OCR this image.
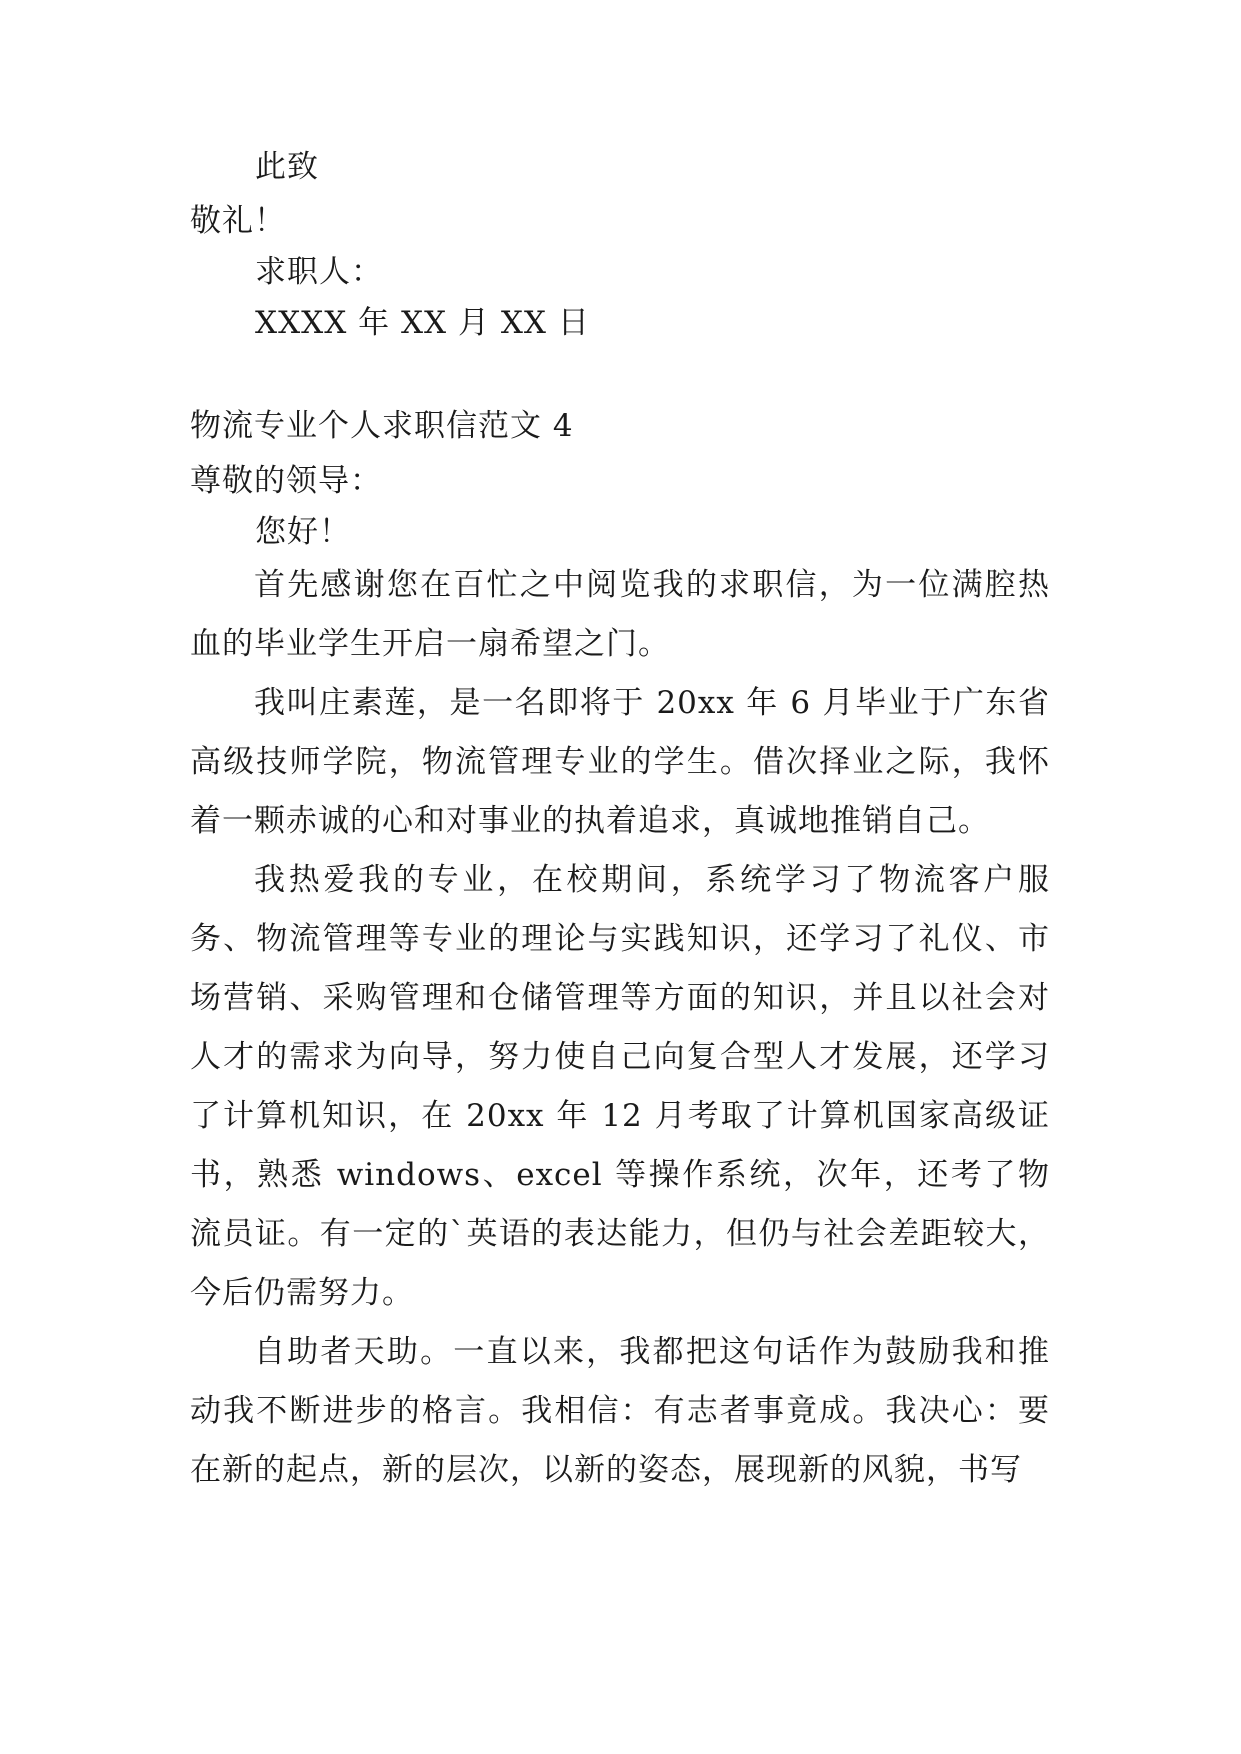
此致
敬礼！
求职人：
XXXX 年 XX 月 XX 日
物流专业个人求职信范文 4
尊敬的领导：
您好！

首先感谢您在百忙之中阅览我的求职信，为一位满腔热血的毕业学生开启一扇希望之门。

我叫庄素莲，是一名即将于 20xx 年 6 月毕业于广东省高级技师学院，物流管理专业的学生。借次择业之际，我怀着一颗赤诚的心和对事业的执着追求，真诚地推销自己。

我热爱我的专业，在校期间，系统学习了物流客户服务、物流管理等专业的理论与实践知识，还学习了礼仪、市场营销、采购管理和仓储管理等方面的知识，并且以社会对人才的需求为向导，努力使自己向复合型人才发展，还学习了计算机知识，在 20xx 年 12 月考取了计算机国家高级证书，熟悉 windows、excel 等操作系统，次年，还考了物流员证。有一定的`英语的表达能力，但仍与社会差距较大，今后仍需努力。

自助者天助。一直以来，我都把这句话作为鼓励我和推动我不断进步的格言。我相信：有志者事竟成。我决心：要在新的起点，新的层次，以新的姿态，展现新的风貌，书写
